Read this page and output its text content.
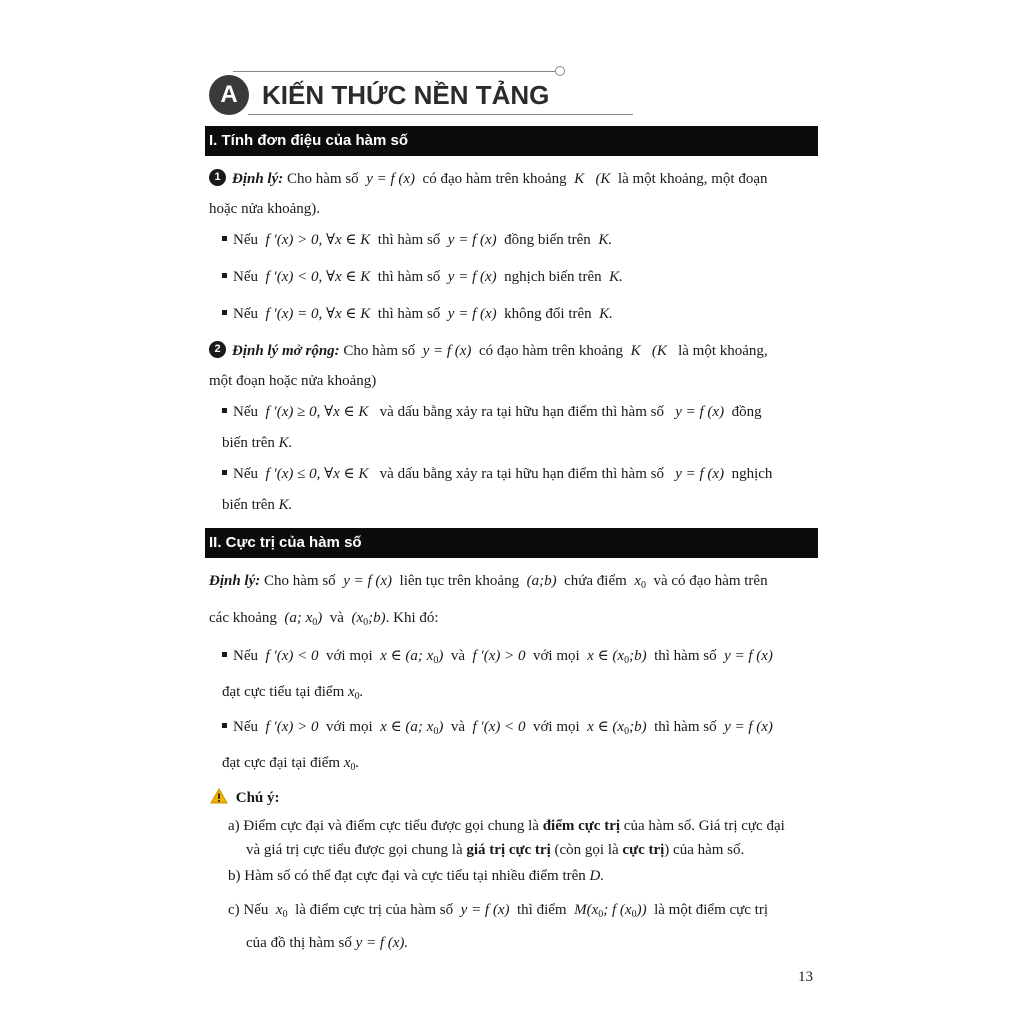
A KIẾN THỨC NỀN TẢNG
I. Tính đơn điệu của hàm số
1 Định lý: Cho hàm số y = f (x) có đạo hàm trên khoảng K (K là một khoảng, một đoạn
hoặc nửa khoảng).
Nếu f ′(x) > 0, ∀x ∈ K thì hàm số y = f (x) đồng biến trên K.
Nếu f ′(x) < 0, ∀x ∈ K thì hàm số y = f (x) nghịch biến trên K.
Nếu f ′(x) = 0, ∀x ∈ K thì hàm số y = f (x) không đổi trên K.
2 Định lý mở rộng: Cho hàm số y = f (x) có đạo hàm trên khoảng K (K là một khoảng,
một đoạn hoặc nửa khoảng)
Nếu f ′(x) ≥ 0, ∀x ∈ K và dấu bằng xảy ra tại hữu hạn điểm thì hàm số y = f (x) đồng
biến trên K.
Nếu f ′(x) ≤ 0, ∀x ∈ K và dấu bằng xảy ra tại hữu hạn điểm thì hàm số y = f (x) nghịch
biến trên K.
II. Cực trị của hàm số
Định lý: Cho hàm số y = f (x) liên tục trên khoảng (a;b) chứa điểm $x_0$ và có đạo hàm trên
các khoảng (a; $x_0$) và $(x_0;b)$. Khi đó:
Nếu f ′(x) < 0 với mọi x ∈ (a; $x_0$) và f ′(x) > 0 với mọi x ∈ $(x_0;b)$ thì hàm số y = f (x)
đạt cực tiểu tại điểm $x_0$.
Nếu f ′(x) > 0 với mọi x ∈ (a; $x_0$) và f ′(x) < 0 với mọi x ∈ $(x_0;b)$ thì hàm số y = f (x)
đạt cực đại tại điểm $x_0$.
Chú ý:
a) Điểm cực đại và điểm cực tiểu được gọi chung là điểm cực trị của hàm số. Giá trị cực đại
và giá trị cực tiểu được gọi chung là giá trị cực trị (còn gọi là cực trị) của hàm số.
b) Hàm số có thể đạt cực đại và cực tiểu tại nhiều điểm trên D.
c) Nếu $x_0$ là điểm cực trị của hàm số y = f (x) thì điểm $M(x_0$; f $(x_0)$) là một điểm cực trị
của đồ thị hàm số y = f (x).
13
